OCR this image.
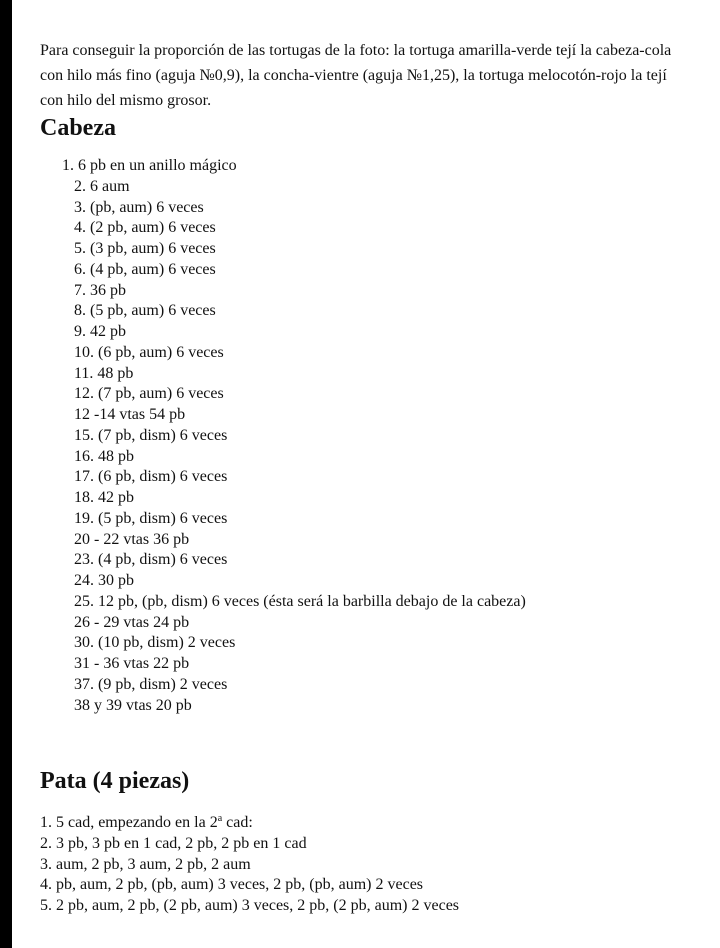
Para conseguir la proporción de las tortugas de la foto: la tortuga amarilla-verde tejí la cabeza-cola con hilo más fino (aguja №0,9), la concha-vientre (aguja №1,25), la tortuga melocotón-rojo la tejí con hilo del mismo grosor.

Cabeza
1. 6 pb en un anillo mágico
2. 6 aum
3. (pb, aum) 6 veces
4. (2 pb, aum) 6 veces
5. (3 pb, aum) 6 veces
6. (4 pb, aum) 6 veces
7. 36 pb
8. (5 pb, aum) 6 veces
9. 42 pb
10. (6 pb, aum) 6 veces
11. 48 pb
12. (7 pb, aum) 6 veces
12 -14 vtas 54 pb
15. (7 pb, dism) 6 veces
16. 48 pb
17. (6 pb, dism) 6 veces
18. 42 pb
19. (5 pb, dism) 6 veces
20 - 22 vtas 36 pb
23. (4 pb, dism) 6 veces
24. 30 pb
25. 12 pb, (pb, dism) 6 veces (ésta será la barbilla debajo de la cabeza)
26 - 29 vtas 24 pb
30. (10 pb, dism) 2 veces
31 - 36 vtas 22 pb
37. (9 pb, dism) 2 veces
38 y 39 vtas 20 pb
Pata (4 piezas)
1. 5 cad, empezando en la 2$^a$ cad:
2. 3 pb, 3 pb en 1 cad, 2 pb, 2 pb en 1 cad
3. aum, 2 pb, 3 aum, 2 pb, 2 aum
4. pb, aum, 2 pb, (pb, aum) 3 veces, 2 pb, (pb, aum) 2 veces
5. 2 pb, aum, 2 pb, (2 pb, aum) 3 veces, 2 pb, (2 pb, aum) 2 veces
